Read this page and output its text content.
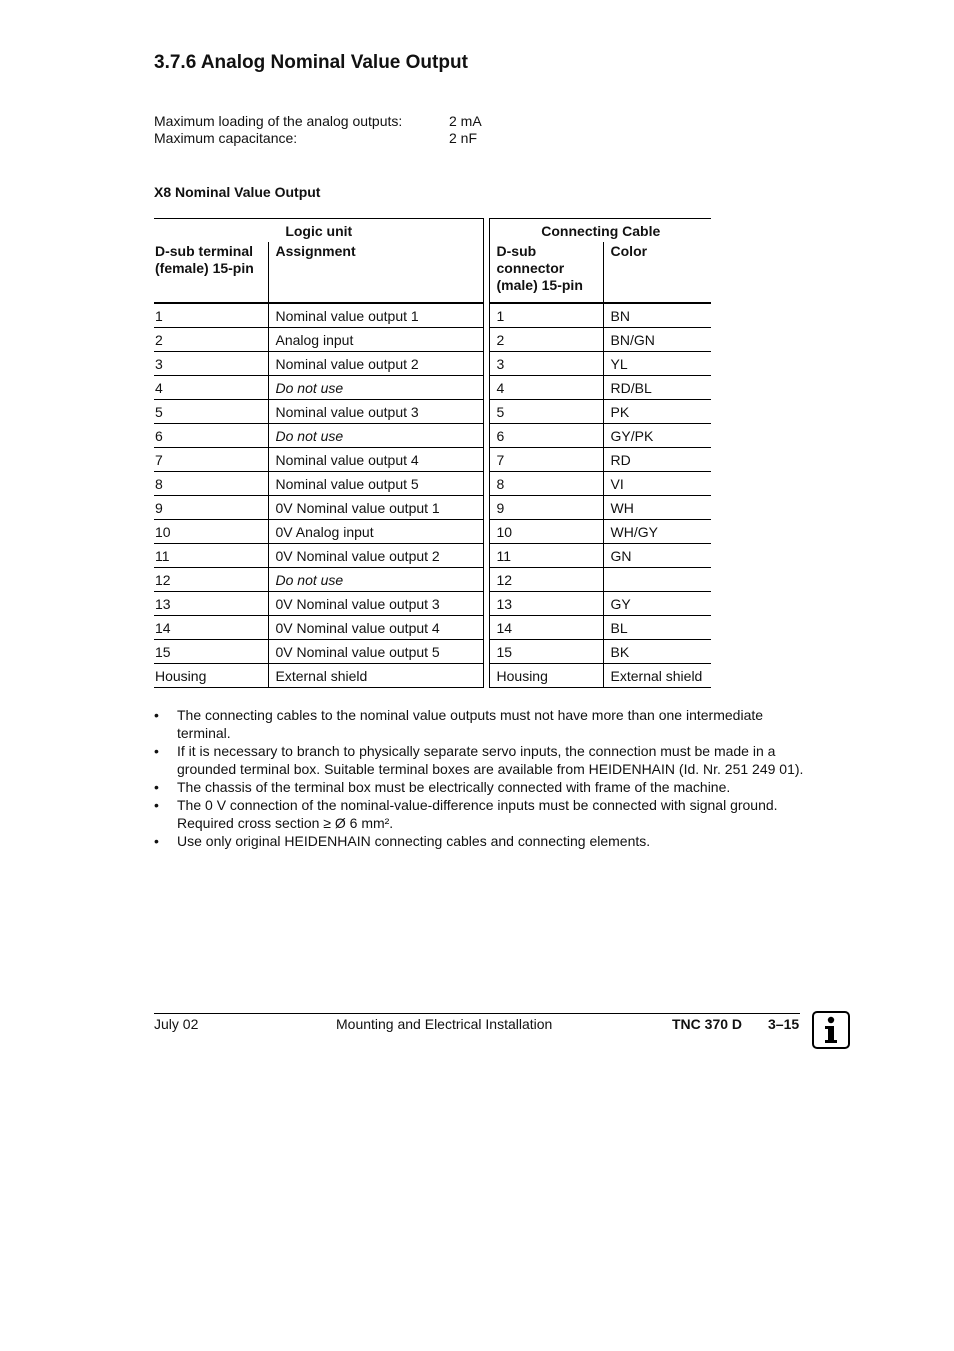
3.7.6 Analog Nominal Value Output
Maximum loading of the analog outputs:	2 mA
Maximum capacitance:	2 nF
X8 Nominal Value Output
Logic unit			Connecting Cable	
D-sub terminal (female) 15-pin	Assignment		D-sub connector (male) 15-pin	Color
1	Nominal value output 1		1	BN
2	Analog input		2	BN/GN
3	Nominal value output 2		3	YL
4	Do not use		4	RD/BL
5	Nominal value output 3		5	PK
6	Do not use		6	GY/PK
7	Nominal value output 4		7	RD
8	Nominal value output 5		8	VI
9	0V Nominal value output 1		9	WH
10	0V Analog input		10	WH/GY
11	0V Nominal value output 2		11	GN
12	Do not use		12	
13	0V Nominal value output 3		13	GY
14	0V Nominal value output 4		14	BL
15	0V Nominal value output 5		15	BK
Housing	External shield		Housing	External shield
• The connecting cables to the nominal value outputs must not have more than one intermediate terminal.
• If it is necessary to branch to physically separate servo inputs, the connection must be made in a grounded terminal box. Suitable terminal boxes are available from HEIDENHAIN (Id. Nr. 251 249 01).
• The chassis of the terminal box must be electrically connected with frame of the machine.
• The 0 V connection of the nominal-value-difference inputs must be connected with signal ground. Required cross section ≥ Ø 6 mm².
• Use only original HEIDENHAIN connecting cables and connecting elements.
July 02	Mounting and Electrical Installation	TNC 370 D 3–15
